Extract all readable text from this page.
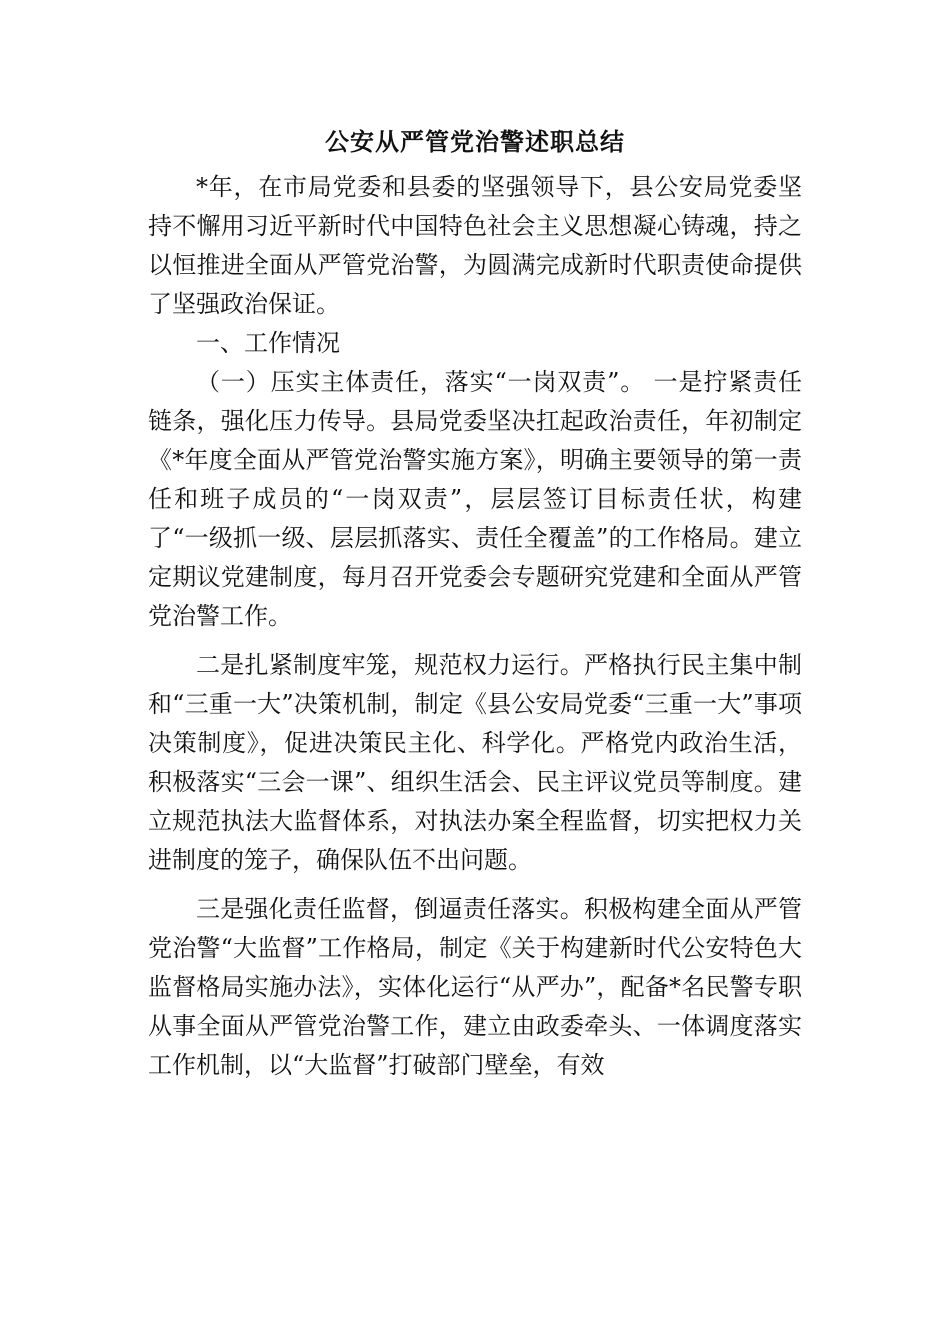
公安从严管党治警述职总结

*年，在市局党委和县委的坚强领导下，县公安局党委坚持不懈用习近平新时代中国特色社会主义思想凝心铸魂，持之以恒推进全面从严管党治警，为圆满完成新时代职责使命提供了坚强政治保证。

一、工作情况

（一）压实主体责任，落实“一岗双责”。 一是拧紧责任链条，强化压力传导。县局党委坚决扛起政治责任，年初制定《*年度全面从严管党治警实施方案》，明确主要领导的第一责任和班子成员的“一岗双责”，层层签订目标责任状，构建了“一级抓一级、层层抓落实、责任全覆盖”的工作格局。建立定期议党建制度，每月召开党委会专题研究党建和全面从严管党治警工作。

二是扎紧制度牢笼，规范权力运行。严格执行民主集中制和“三重一大”决策机制，制定《县公安局党委“三重一大”事项决策制度》，促进决策民主化、科学化。严格党内政治生活，积极落实“三会一课”、组织生活会、民主评议党员等制度。建立规范执法大监督体系，对执法办案全程监督，切实把权力关进制度的笼子，确保队伍不出问题。

三是强化责任监督，倒逼责任落实。积极构建全面从严管党治警“大监督”工作格局，制定《关于构建新时代公安特色大监督格局实施办法》，实体化运行“从严办”，配备*名民警专职从事全面从严管党治警工作，建立由政委牵头、一体调度落实工作机制，以“大监督”打破部门壁垒，有效
